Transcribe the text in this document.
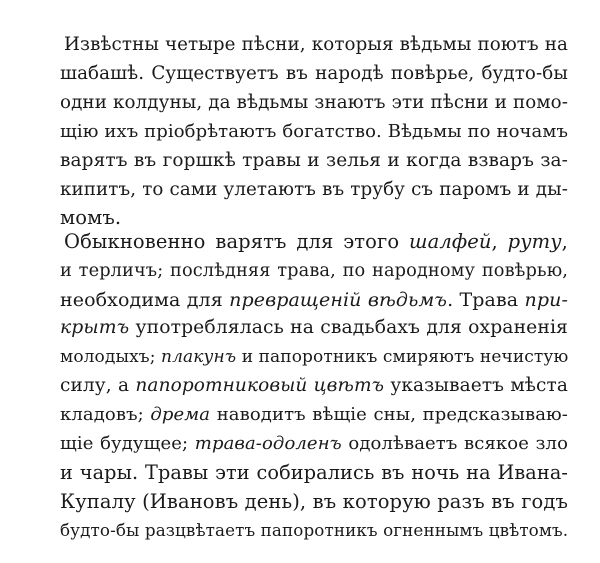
Извѣстны четыре пѣсни, которыя вѣдьмы поютъ на
шабашѣ. Существуетъ въ народѣ повѣрье, будто-бы
одни колдуны, да вѣдьмы знаютъ эти пѣсни и помо-
щію ихъ пріобрѣтаютъ богатство. Вѣдьмы по ночамъ
варятъ въ горшкѣ травы и зелья и когда взваръ за-
кипитъ, то сами улетаютъ въ трубу съ паромъ и ды-
момъ.
Обыкновенно варятъ для этого шалфей, руту,
и терличъ; послѣдняя трава, по народному повѣрью,
необходима для превращеній вѣдьмъ. Трава при-
крытъ употреблялась на свадьбахъ для охраненія
молодыхъ; плакунъ и папоротникъ смиряютъ нечистую
силу, а папоротниковый цвѣтъ указываетъ мѣста
кладовъ; дрема наводитъ вѣщіе сны, предсказываю-
щіе будущее; трава-одоленъ одолѣваетъ всякое зло
и чары. Травы эти собирались въ ночь на Ивана-
Купалу (Ивановъ день), въ которую разъ въ годъ
будто-бы разцвѣтаетъ папоротникъ огненнымъ цвѣтомъ.
